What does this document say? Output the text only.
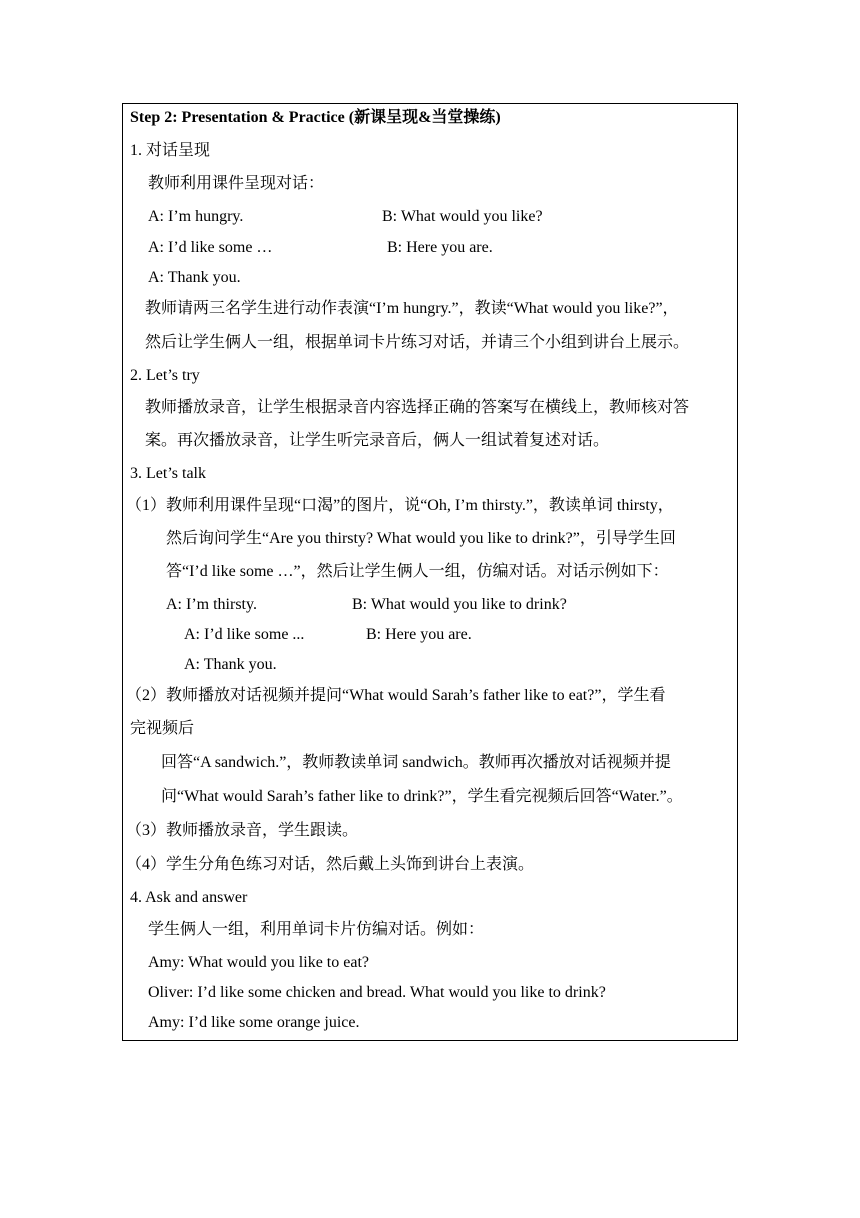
Step 2: Presentation & Practice (新课呈现&当堂操练)
1. 对话呈现
教师利用课件呈现对话：
A: I’m hungry.	B: What would you like?
A: I’d like some …	B: Here you are.
A: Thank you.
教师请两三名学生进行动作表演“I’m hungry.”，教读“What would you like?”，
然后让学生俩人一组，根据单词卡片练习对话，并请三个小组到讲台上展示。
2. Let’s try
教师播放录音，让学生根据录音内容选择正确的答案写在横线上，教师核对答
案。再次播放录音，让学生听完录音后，俩人一组试着复述对话。
3. Let’s talk
（1）教师利用课件呈现“口渴”的图片，说“Oh, I’m thirsty.”，教读单词 thirsty，
然后询问学生“Are you thirsty? What would you like to drink?”，引导学生回
答“I’d like some …”，然后让学生俩人一组，仿编对话。对话示例如下：
A: I’m thirsty.	B: What would you like to drink?
A: I’d like some ...	B: Here you are.
A: Thank you.
（2）教师播放对话视频并提问“What would Sarah’s father like to eat?”，学生看
完视频后
回答“A sandwich.”，教师教读单词 sandwich。教师再次播放对话视频并提
问“What would Sarah’s father like to drink?”，学生看完视频后回答“Water.”。
（3）教师播放录音，学生跟读。
（4）学生分角色练习对话，然后戴上头饰到讲台上表演。
4. Ask and answer
学生俩人一组，利用单词卡片仿编对话。例如：
Amy: What would you like to eat?
Oliver: I’d like some chicken and bread. What would you like to drink?
Amy: I’d like some orange juice.
